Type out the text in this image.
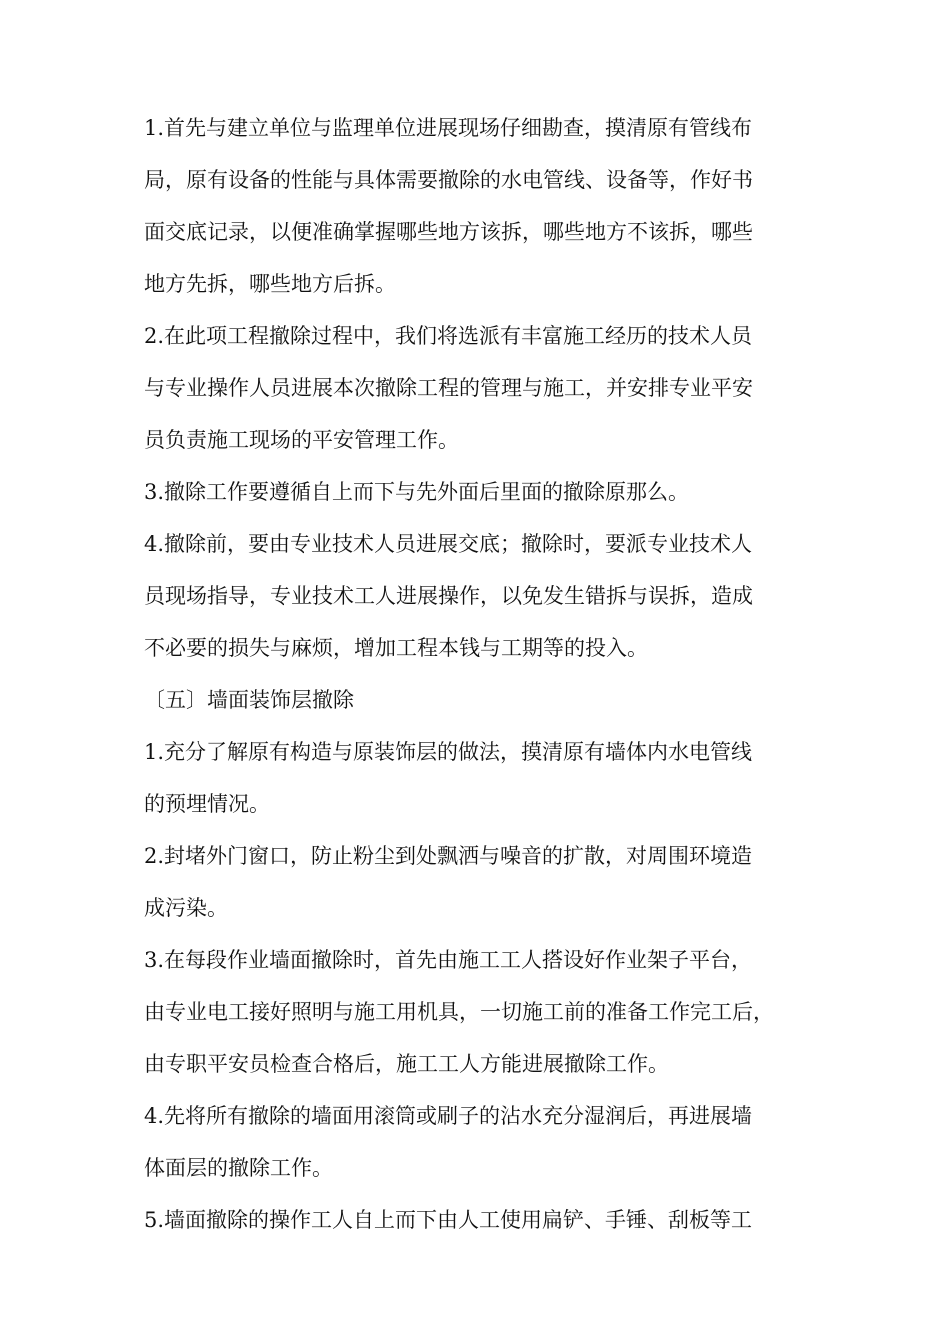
1.首先与建立单位与监理单位进展现场仔细勘查，摸清原有管线布
局，原有设备的性能与具体需要撤除的水电管线、设备等，作好书
面交底记录，以便准确掌握哪些地方该拆，哪些地方不该拆，哪些
地方先拆，哪些地方后拆。
2.在此项工程撤除过程中，我们将选派有丰富施工经历的技术人员
与专业操作人员进展本次撤除工程的管理与施工，并安排专业平安
员负责施工现场的平安管理工作。
3.撤除工作要遵循自上而下与先外面后里面的撤除原那么。
4.撤除前，要由专业技术人员进展交底；撤除时，要派专业技术人
员现场指导，专业技术工人进展操作，以免发生错拆与误拆，造成
不必要的损失与麻烦，增加工程本钱与工期等的投入。
〔五〕墙面装饰层撤除
1.充分了解原有构造与原装饰层的做法，摸清原有墙体内水电管线
的预埋情况。
2.封堵外门窗口，防止粉尘到处飘洒与噪音的扩散，对周围环境造
成污染。
3.在每段作业墙面撤除时，首先由施工工人搭设好作业架子平台，
由专业电工接好照明与施工用机具，一切施工前的准备工作完工后，
由专职平安员检查合格后，施工工人方能进展撤除工作。
4.先将所有撤除的墙面用滚筒或刷子的沾水充分湿润后，再进展墙
体面层的撤除工作。
5.墙面撤除的操作工人自上而下由人工使用扁铲、手锤、刮板等工
